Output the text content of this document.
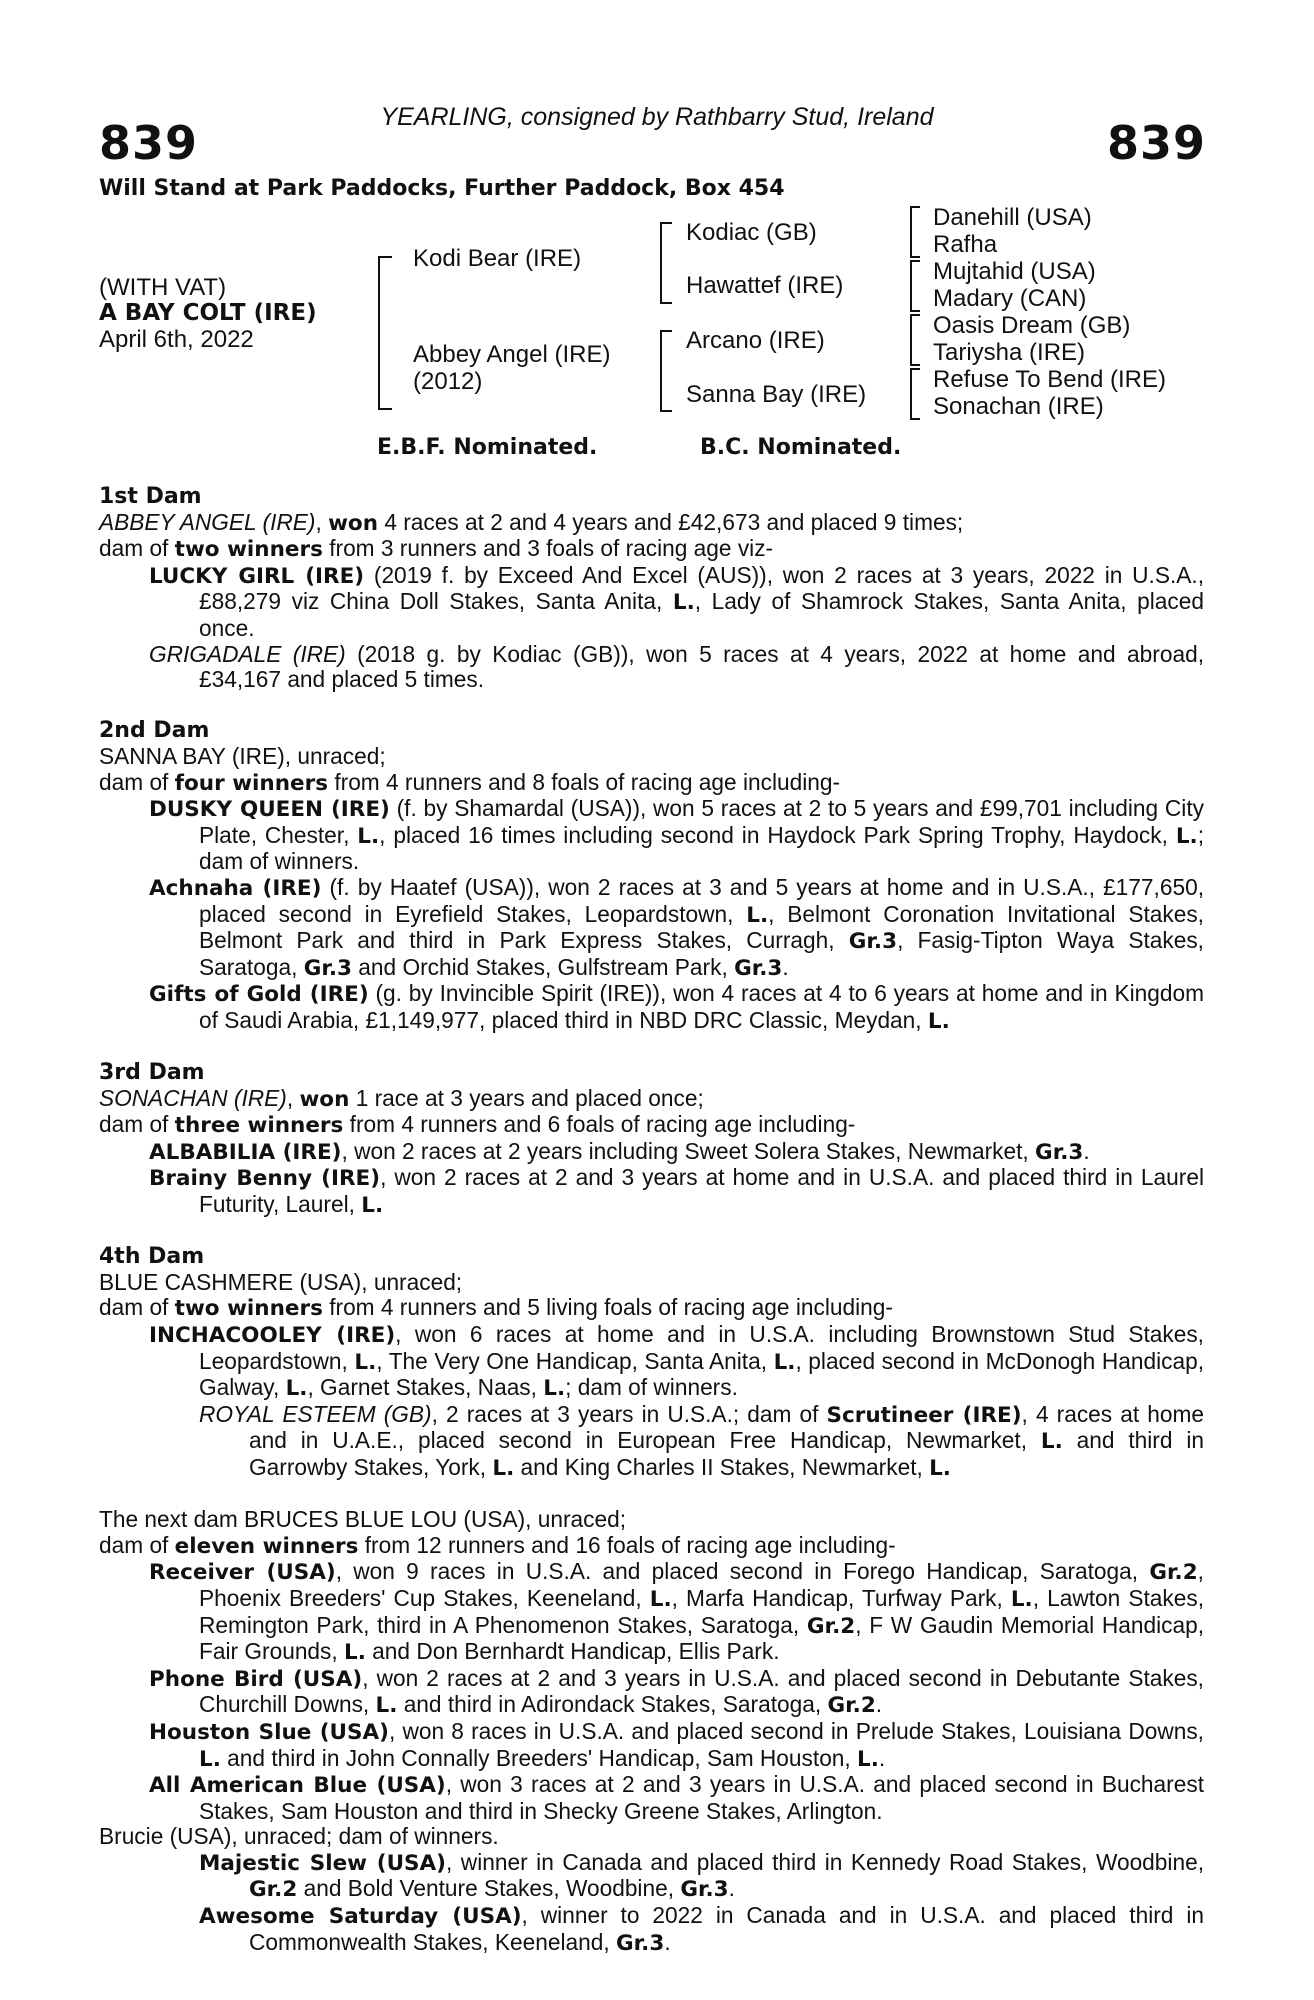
YEARLING, consigned by Rathbarry Stud, Ireland
839	839
Will Stand at Park Paddocks, Further Paddock, Box 454
(WITH VAT)
A BAY COLT (IRE)
April 6th, 2022
Kodi Bear (IRE)
Abbey Angel (IRE)
(2012)
Kodiac (GB)
Hawattef (IRE)
Arcano (IRE)
Sanna Bay (IRE)
Danehill (USA)
Rafha
Mujtahid (USA)
Madary (CAN)
Oasis Dream (GB)
Tariysha (IRE)
Refuse To Bend (IRE)
Sonachan (IRE)
E.B.F. Nominated.	B.C. Nominated.
1st Dam
ABBEY ANGEL (IRE), won 4 races at 2 and 4 years and £42,673 and placed 9 times;
dam of two winners from 3 runners and 3 foals of racing age viz-
LUCKY GIRL (IRE) (2019 f. by Exceed And Excel (AUS)), won 2 races at 3 years, 2022 in U.S.A., £88,279 viz China Doll Stakes, Santa Anita, L., Lady of Shamrock Stakes, Santa Anita, placed once.
GRIGADALE (IRE) (2018 g. by Kodiac (GB)), won 5 races at 4 years, 2022 at home and abroad, £34,167 and placed 5 times.
2nd Dam
SANNA BAY (IRE), unraced;
dam of four winners from 4 runners and 8 foals of racing age including-
DUSKY QUEEN (IRE) (f. by Shamardal (USA)), won 5 races at 2 to 5 years and £99,701 including City Plate, Chester, L., placed 16 times including second in Haydock Park Spring Trophy, Haydock, L.; dam of winners.
Achnaha (IRE) (f. by Haatef (USA)), won 2 races at 3 and 5 years at home and in U.S.A., £177,650, placed second in Eyrefield Stakes, Leopardstown, L., Belmont Coronation Invitational Stakes, Belmont Park and third in Park Express Stakes, Curragh, Gr.3, Fasig-Tipton Waya Stakes, Saratoga, Gr.3 and Orchid Stakes, Gulfstream Park, Gr.3.
Gifts of Gold (IRE) (g. by Invincible Spirit (IRE)), won 4 races at 4 to 6 years at home and in Kingdom of Saudi Arabia, £1,149,977, placed third in NBD DRC Classic, Meydan, L.
3rd Dam
SONACHAN (IRE), won 1 race at 3 years and placed once;
dam of three winners from 4 runners and 6 foals of racing age including-
ALBABILIA (IRE), won 2 races at 2 years including Sweet Solera Stakes, Newmarket, Gr.3.
Brainy Benny (IRE), won 2 races at 2 and 3 years at home and in U.S.A. and placed third in Laurel Futurity, Laurel, L.
4th Dam
BLUE CASHMERE (USA), unraced;
dam of two winners from 4 runners and 5 living foals of racing age including-
INCHACOOLEY (IRE), won 6 races at home and in U.S.A. including Brownstown Stud Stakes, Leopardstown, L., The Very One Handicap, Santa Anita, L., placed second in McDonogh Handicap, Galway, L., Garnet Stakes, Naas, L.; dam of winners.
ROYAL ESTEEM (GB), 2 races at 3 years in U.S.A.; dam of Scrutineer (IRE), 4 races at home and in U.A.E., placed second in European Free Handicap, Newmarket, L. and third in Garrowby Stakes, York, L. and King Charles II Stakes, Newmarket, L.
The next dam BRUCES BLUE LOU (USA), unraced;
dam of eleven winners from 12 runners and 16 foals of racing age including-
Receiver (USA), won 9 races in U.S.A. and placed second in Forego Handicap, Saratoga, Gr.2, Phoenix Breeders' Cup Stakes, Keeneland, L., Marfa Handicap, Turfway Park, L., Lawton Stakes, Remington Park, third in A Phenomenon Stakes, Saratoga, Gr.2, F W Gaudin Memorial Handicap, Fair Grounds, L. and Don Bernhardt Handicap, Ellis Park.
Phone Bird (USA), won 2 races at 2 and 3 years in U.S.A. and placed second in Debutante Stakes, Churchill Downs, L. and third in Adirondack Stakes, Saratoga, Gr.2.
Houston Slue (USA), won 8 races in U.S.A. and placed second in Prelude Stakes, Louisiana Downs, L. and third in John Connally Breeders' Handicap, Sam Houston, L..
All American Blue (USA), won 3 races at 2 and 3 years in U.S.A. and placed second in Bucharest Stakes, Sam Houston and third in Shecky Greene Stakes, Arlington.
Brucie (USA), unraced; dam of winners.
Majestic Slew (USA), winner in Canada and placed third in Kennedy Road Stakes, Woodbine, Gr.2 and Bold Venture Stakes, Woodbine, Gr.3.
Awesome Saturday (USA), winner to 2022 in Canada and in U.S.A. and placed third in Commonwealth Stakes, Keeneland, Gr.3.
